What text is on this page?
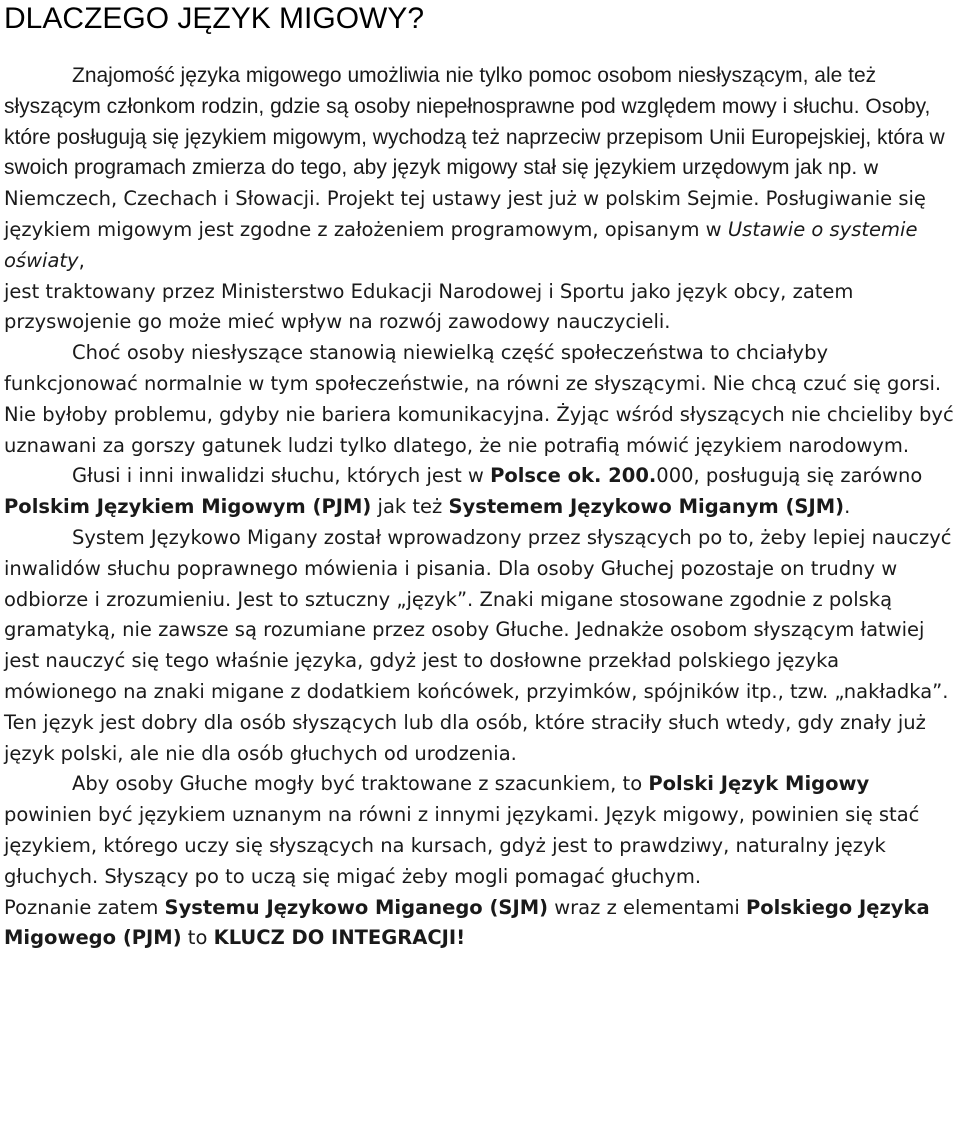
DLACZEGO JĘZYK MIGOWY?

Znajomość języka migowego umożliwia nie tylko pomoc osobom niesłyszącym, ale też słyszącym członkom rodzin, gdzie są osoby niepełnosprawne pod względem mowy i słuchu. Osoby, które posługują się językiem migowym, wychodzą też naprzeciw przepisom Unii Europejskiej, która w swoich programach zmierza do tego, aby język migowy stał się językiem urzędowym jak np. w Niemczech, Czechach i Słowacji. Projekt tej ustawy jest już w polskim Sejmie. Posługiwanie się językiem migowym jest zgodne z założeniem programowym, opisanym w Ustawie o systemie oświaty,

jest traktowany przez Ministerstwo Edukacji Narodowej i Sportu jako język obcy, zatem przyswojenie go może mieć wpływ na rozwój zawodowy nauczycieli.

Choć osoby niesłyszące stanowią niewielką część społeczeństwa to chciałyby funkcjonować normalnie w tym społeczeństwie, na równi ze słyszącymi. Nie chcą czuć się gorsi. Nie byłoby problemu, gdyby nie bariera komunikacyjna. Żyjąc wśród słyszących nie chcieliby być uznawani za gorszy gatunek ludzi tylko dlatego, że nie potrafią mówić językiem narodowym.

Głusi i inni inwalidzi słuchu, których jest w Polsce ok. 200.000, posługują się zarówno Polskim Językiem Migowym (PJM) jak też Systemem Językowo Miganym (SJM).

System Językowo Migany został wprowadzony przez słyszących po to, żeby lepiej nauczyć inwalidów słuchu poprawnego mówienia i pisania. Dla osoby Głuchej pozostaje on trudny w odbiorze i zrozumieniu. Jest to sztuczny „język”. Znaki migane stosowane zgodnie z polską gramatyką, nie zawsze są rozumiane przez osoby Głuche. Jednakże osobom słyszącym łatwiej jest nauczyć się tego właśnie języka, gdyż jest to dosłowne przekład polskiego języka mówionego na znaki migane z dodatkiem końcówek, przyimków, spójników itp., tzw. „nakładka”. Ten język jest dobry dla osób słyszących lub dla osób, które straciły słuch wtedy, gdy znały już język polski, ale nie dla osób głuchych od urodzenia.

Aby osoby Głuche mogły być traktowane z szacunkiem, to Polski Język Migowy powinien być językiem uznanym na równi z innymi językami. Język migowy, powinien się stać językiem, którego uczy się słyszących na kursach, gdyż jest to prawdziwy, naturalny język głuchych. Słyszący po to uczą się migać żeby mogli pomagać głuchym.

Poznanie zatem Systemu Językowo Miganego (SJM) wraz z elementami Polskiego Języka Migowego (PJM) to KLUCZ DO INTEGRACJI!
